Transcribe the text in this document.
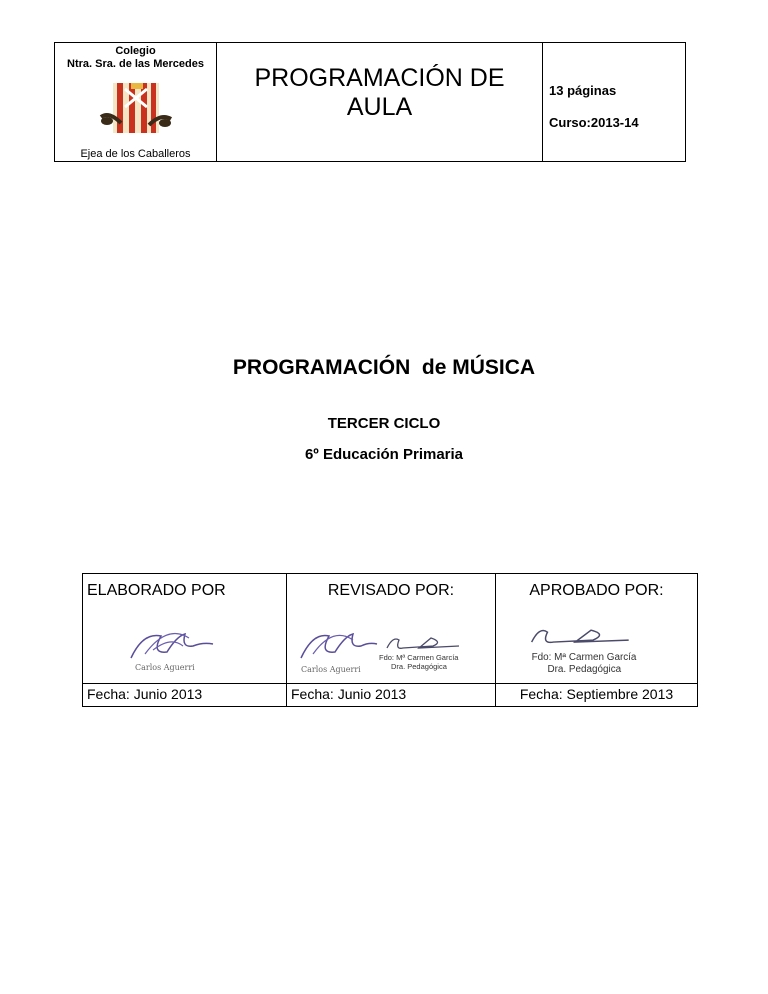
Colegio
Ntra. Sra. de las Mercedes
Ejea de los Caballeros
PROGRAMACIÓN DE AULA
13 páginas
Curso:2013-14
PROGRAMACIÓN  de MÚSICA
TERCER CICLO
6º Educación Primaria
ELABORADO POR
Carlos Aguerri
Fecha: Junio 2013
REVISADO POR:
Carlos Aguerri
Fdo: Mª Carmen García
Dra. Pedagógica
Fecha: Junio 2013
APROBADO POR:
Fdo: Mª Carmen García
Dra. Pedagógica
Fecha: Septiembre 2013
